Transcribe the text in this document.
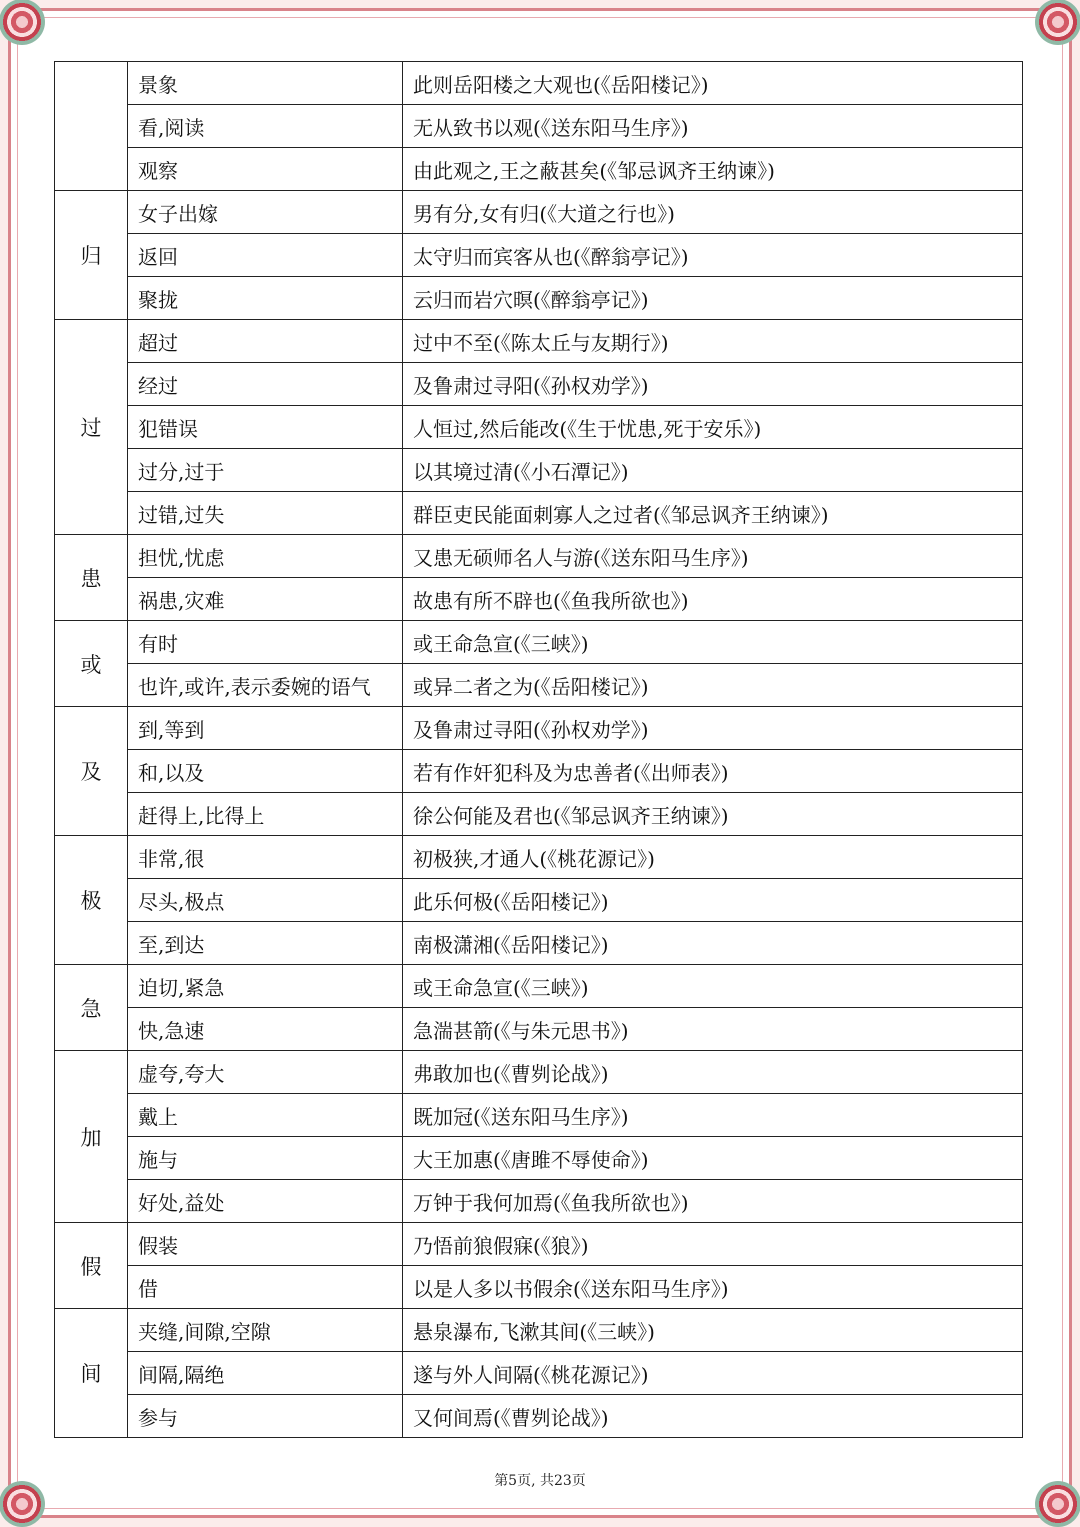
	景象	此则岳阳楼之大观也(《岳阳楼记》)
	看,阅读	无从致书以观(《送东阳马生序》)
	观察	由此观之,王之蔽甚矣(《邹忌讽齐王纳谏》)
归	女子出嫁	男有分,女有归(《大道之行也》)
	返回	太守归而宾客从也(《醉翁亭记》)
	聚拢	云归而岩穴暝(《醉翁亭记》)
过	超过	过中不至(《陈太丘与友期行》)
	经过	及鲁肃过寻阳(《孙权劝学》)
	犯错误	人恒过,然后能改(《生于忧患,死于安乐》)
	过分,过于	以其境过清(《小石潭记》)
	过错,过失	群臣吏民能面刺寡人之过者(《邹忌讽齐王纳谏》)
患	担忧,忧虑	又患无硕师名人与游(《送东阳马生序》)
	祸患,灾难	故患有所不辟也(《鱼我所欲也》)
或	有时	或王命急宣(《三峡》)
	也许,或许,表示委婉的语气	或异二者之为(《岳阳楼记》)
及	到,等到	及鲁肃过寻阳(《孙权劝学》)
	和,以及	若有作奸犯科及为忠善者(《出师表》)
	赶得上,比得上	徐公何能及君也(《邹忌讽齐王纳谏》)
极	非常,很	初极狭,才通人(《桃花源记》)
	尽头,极点	此乐何极(《岳阳楼记》)
	至,到达	南极潇湘(《岳阳楼记》)
急	迫切,紧急	或王命急宣(《三峡》)
	快,急速	急湍甚箭(《与朱元思书》)
加	虚夸,夸大	弗敢加也(《曹刿论战》)
	戴上	既加冠(《送东阳马生序》)
	施与	大王加惠(《唐雎不辱使命》)
	好处,益处	万钟于我何加焉(《鱼我所欲也》)
假	假装	乃悟前狼假寐(《狼》)
	借	以是人多以书假余(《送东阳马生序》)
间	夹缝,间隙,空隙	悬泉瀑布,飞漱其间(《三峡》)
	间隔,隔绝	遂与外人间隔(《桃花源记》)
	参与	又何间焉(《曹刿论战》)
第5页, 共23页
